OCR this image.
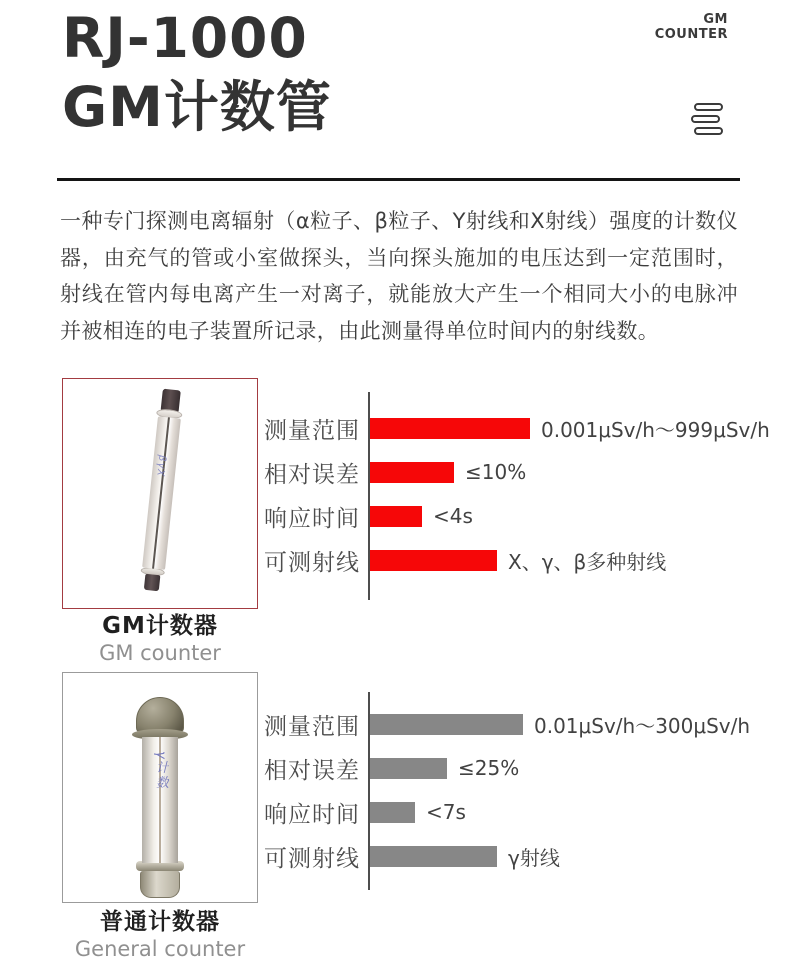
RJ-1000
GM计数管
GM
COUNTER

一种专门探测电离辐射（α粒子、β粒子、Y射线和X射线）强度的计数仪器，由充气的管或小室做探头，当向探头施加的电压达到一定范围时，射线在管内每电离产生一对离子，就能放大产生一个相同大小的电脉冲并被相连的电子装置所记录，由此测量得单位时间内的射线数。

βγX
GM计数器
GM counter
测量范围	0.001μSv/h～999μSv/h
相对误差	≤10%
响应时间	<4s
可测射线	X、γ、β多种射线
γ计数
普通计数器
General counter
测量范围	0.01μSv/h～300μSv/h
相对误差	≤25%
响应时间	<7s
可测射线	γ射线
